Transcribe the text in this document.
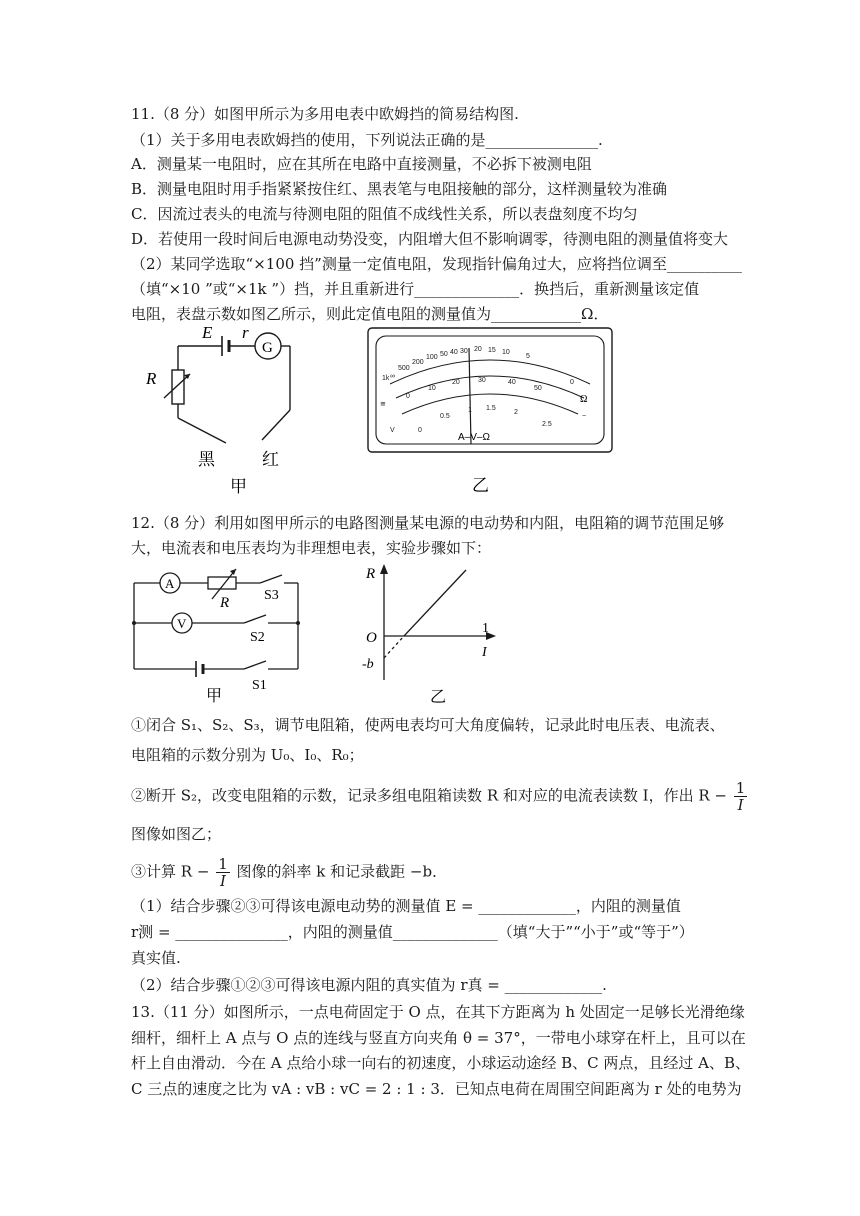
11.（8 分）如图甲所示为多用电表中欧姆挡的简易结构图.
（1）关于多用电表欧姆挡的使用，下列说法正确的是_______________.
A．测量某一电阻时，应在其所在电路中直接测量，不必拆下被测电阻
B．测量电阻时用手指紧紧按住红、黑表笔与电阻接触的部分，这样测量较为准确
C．因流过表头的电流与待测电阻的阻值不成线性关系，所以表盘刻度不均匀
D．若使用一段时间后电源电动势没变，内阻增大但不影响调零，待测电阻的测量值将变大
（2）某同学选取“×100 挡”测量一定值电阻，发现指针偏角过大，应将挡位调至__________
（填“×10 ”或“×1k ”）挡，并且重新进行______________．换挡后，重新测量该定值
电阻，表盘示数如图乙所示，则此定值电阻的测量值为____________Ω．
E r
G
R
黑	红
甲
500
200
100 50 40 30 20 15 10
5
1k
0
0
10
20	30	40
50
0
0.5
1 1.5
2
2.5
≅
V
~
∞
Ω
A–V–Ω
乙
12.（8 分）利用如图甲所示的电路图测量某电源的电动势和内阻，电阻箱的调节范围足够
大，电流表和电压表均为非理想电表，实验步骤如下：
A
V
R S3
S2
S1
甲
R
O
-b
1
I
乙
①闭合 S₁、S₂、S₃，调节电阻箱，使两电表均可大角度偏转，记录此时电压表、电流表、
电阻箱的示数分别为 U₀、I₀、R₀；
②断开 S₂，改变电阻箱的示数，记录多组电阻箱读数 R 和对应的电流表读数 I，作出 $R - \frac{1}{I}$
图像如图乙；
③计算 $R - \frac{1}{I}$ 图像的斜率 k 和记录截距 −b．
（1）结合步骤②③可得该电源电动势的测量值 E = _____________，内阻的测量值
r测 = _______________，内阻的测量值______________（填“大于”“小于”或“等于”）
真实值.
（2）结合步骤①②③可得该电源内阻的真实值为 r真 = _____________.
13.（11 分）如图所示，一点电荷固定于 O 点，在其下方距离为 h 处固定一足够长光滑绝缘
细杆，细杆上 A 点与 O 点的连线与竖直方向夹角 θ = 37°，一带电小球穿在杆上，且可以在
杆上自由滑动．今在 A 点给小球一向右的初速度，小球运动途经 B、C 两点，且经过 A、B、
C 三点的速度之比为 vA : vB : vC = 2 : 1 : 3．已知点电荷在周围空间距离为 r 处的电势为
